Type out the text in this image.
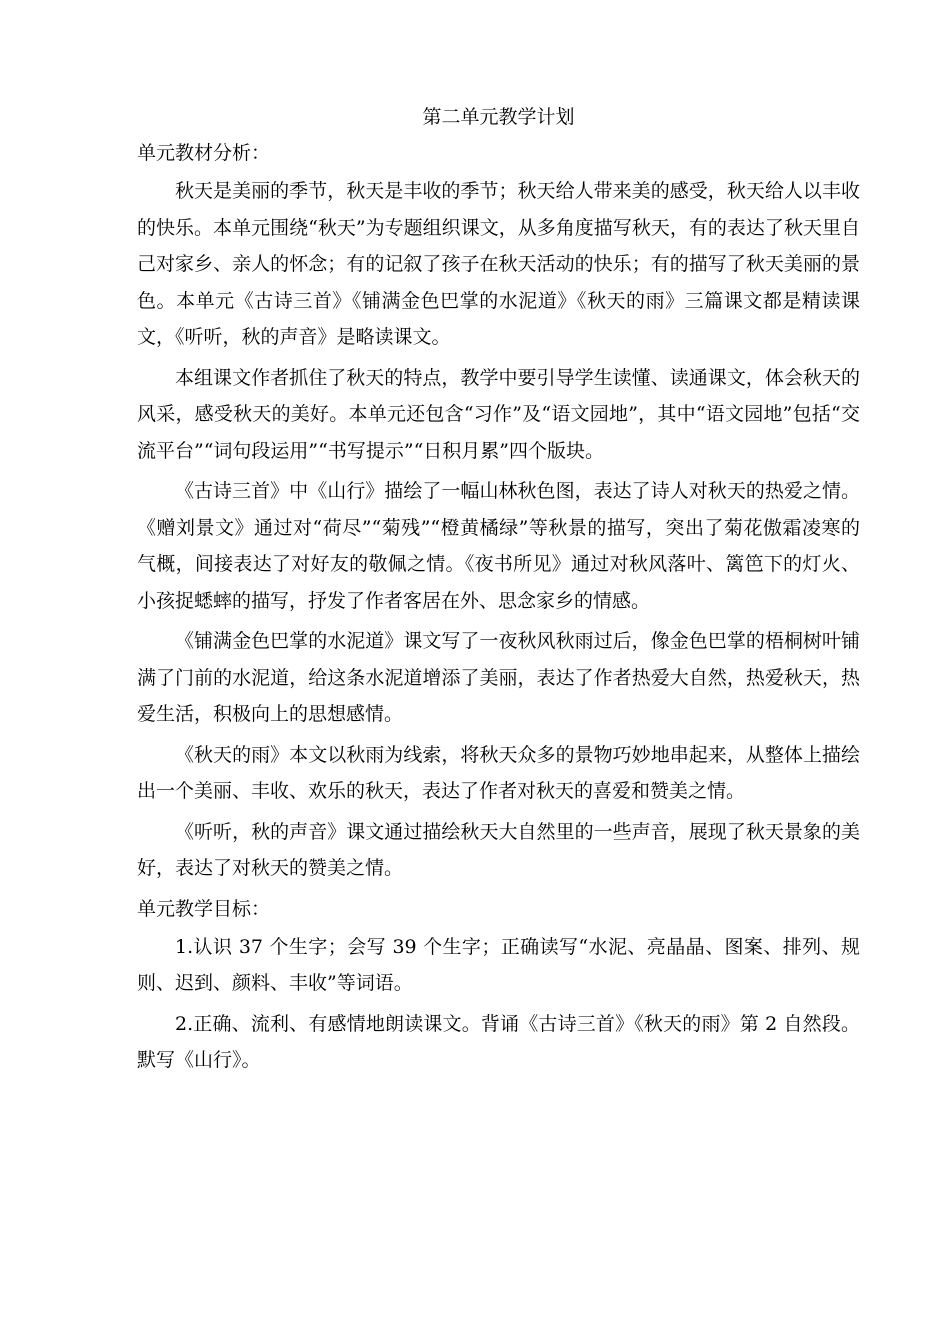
第二单元教学计划
单元教材分析：

秋天是美丽的季节，秋天是丰收的季节；秋天给人带来美的感受，秋天给人以丰收的快乐。本单元围绕“秋天”为专题组织课文，从多角度描写秋天，有的表达了秋天里自己对家乡、亲人的怀念；有的记叙了孩子在秋天活动的快乐；有的描写了秋天美丽的景色。本单元《古诗三首》《铺满金色巴掌的水泥道》《秋天的雨》三篇课文都是精读课文，《听听，秋的声音》是略读课文。

本组课文作者抓住了秋天的特点，教学中要引导学生读懂、读通课文，体会秋天的风采，感受秋天的美好。本单元还包含“习作”及“语文园地”，其中“语文园地”包括“交流平台”“词句段运用”“书写提示”“日积月累”四个版块。

《古诗三首》中《山行》描绘了一幅山林秋色图，表达了诗人对秋天的热爱之情。《赠刘景文》通过对“荷尽”“菊残”“橙黄橘绿”等秋景的描写，突出了菊花傲霜凌寒的气概，间接表达了对好友的敬佩之情。《夜书所见》通过对秋风落叶、篱笆下的灯火、小孩捉蟋蟀的描写，抒发了作者客居在外、思念家乡的情感。

《铺满金色巴掌的水泥道》课文写了一夜秋风秋雨过后，像金色巴掌的梧桐树叶铺满了门前的水泥道，给这条水泥道增添了美丽，表达了作者热爱大自然，热爱秋天，热爱生活，积极向上的思想感情。

《秋天的雨》本文以秋雨为线索，将秋天众多的景物巧妙地串起来，从整体上描绘出一个美丽、丰收、欢乐的秋天，表达了作者对秋天的喜爱和赞美之情。

《听听，秋的声音》课文通过描绘秋天大自然里的一些声音，展现了秋天景象的美好，表达了对秋天的赞美之情。

单元教学目标：

1.认识 37 个生字；会写 39 个生字；正确读写“水泥、亮晶晶、图案、排列、规则、迟到、颜料、丰收”等词语。

2.正确、流利、有感情地朗读课文。背诵《古诗三首》《秋天的雨》第 2 自然段。默写《山行》。
